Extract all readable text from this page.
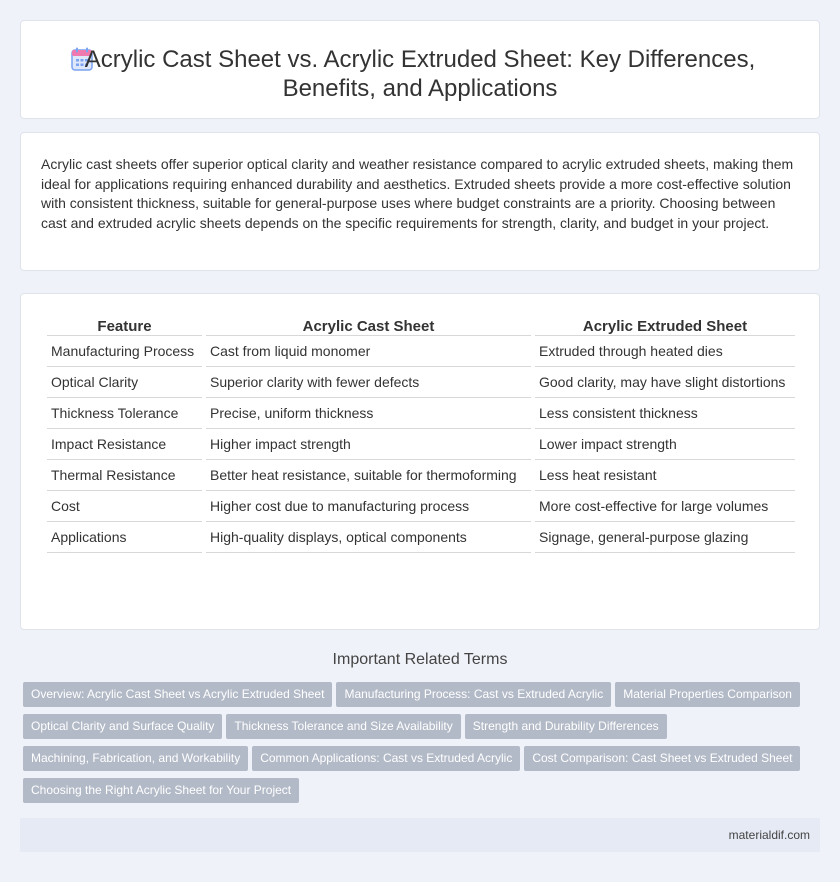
Acrylic Cast Sheet vs. Acrylic Extruded Sheet: Key Differences, Benefits, and Applications

Acrylic cast sheets offer superior optical clarity and weather resistance compared to acrylic extruded sheets, making them ideal for applications requiring enhanced durability and aesthetics. Extruded sheets provide a more cost-effective solution with consistent thickness, suitable for general-purpose uses where budget constraints are a priority. Choosing between cast and extruded acrylic sheets depends on the specific requirements for strength, clarity, and budget in your project.

Feature	Acrylic Cast Sheet	Acrylic Extruded Sheet
Manufacturing Process	Cast from liquid monomer	Extruded through heated dies
Optical Clarity	Superior clarity with fewer defects	Good clarity, may have slight distortions
Thickness Tolerance	Precise, uniform thickness	Less consistent thickness
Impact Resistance	Higher impact strength	Lower impact strength
Thermal Resistance	Better heat resistance, suitable for thermoforming	Less heat resistant
Cost	Higher cost due to manufacturing process	More cost-effective for large volumes
Applications	High-quality displays, optical components	Signage, general-purpose glazing
Important Related Terms
Overview: Acrylic Cast Sheet vs Acrylic Extruded Sheet Manufacturing Process: Cast vs Extruded Acrylic Material Properties ComparisonOptical Clarity and Surface Quality Thickness Tolerance and Size Availability Strength and Durability DifferencesMachining, Fabrication, and Workability Common Applications: Cast vs Extruded Acrylic Cost Comparison: Cast Sheet vs Extruded SheetChoosing the Right Acrylic Sheet for Your Project
materialdif.com
